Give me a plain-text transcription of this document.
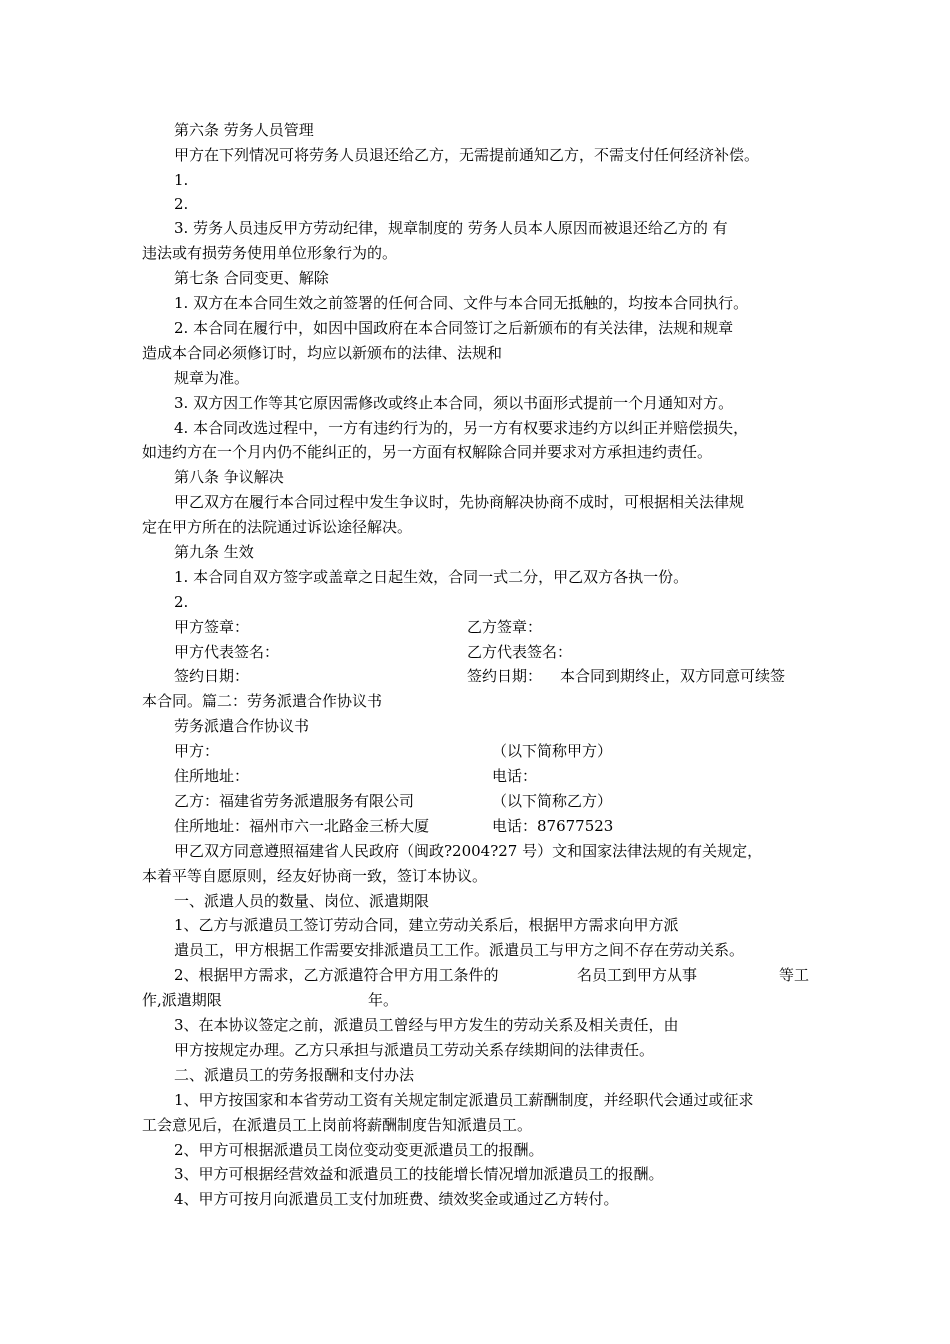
第六条 劳务人员管理
甲方在下列情况可将劳务人员退还给乙方，无需提前通知乙方，不需支付任何经济补偿。
1.
2.
3. 劳务人员违反甲方劳动纪律，规章制度的 劳务人员本人原因而被退还给乙方的 有
违法或有损劳务使用单位形象行为的。
第七条 合同变更、解除
1. 双方在本合同生效之前签署的任何合同、文件与本合同无抵触的，均按本合同执行。
2. 本合同在履行中，如因中国政府在本合同签订之后新颁布的有关法律，法规和规章
造成本合同必须修订时，均应以新颁布的法律、法规和
规章为准。
3. 双方因工作等其它原因需修改或终止本合同，须以书面形式提前一个月通知对方。
4. 本合同改选过程中，一方有违约行为的，另一方有权要求违约方以纠正并赔偿损失，
如违约方在一个月内仍不能纠正的，另一方面有权解除合同并要求对方承担违约责任。
第八条 争议解决
甲乙双方在履行本合同过程中发生争议时，先协商解决协商不成时，可根据相关法律规
定在甲方所在的法院通过诉讼途径解决。
第九条 生效
1. 本合同自双方签字或盖章之日起生效，合同一式二分，甲乙双方各执一份。
2.
甲方签章：	乙方签章：
甲方代表签名：	乙方代表签名：
签约日期：	签约日期： 本合同到期终止，双方同意可续签
本合同。篇二：劳务派遣合作协议书
劳务派遣合作协议书
甲方：	（以下简称甲方）
住所地址：	电话：
乙方：福建省劳务派遣服务有限公司	（以下简称乙方）
住所地址：福州市六一北路金三桥大厦	电话：87677523
甲乙双方同意遵照福建省人民政府（闽政?2004?27 号）文和国家法律法规的有关规定，
本着平等自愿原则，经友好协商一致，签订本协议。
一、派遣人员的数量、岗位、派遣期限
1、乙方与派遣员工签订劳动合同，建立劳动关系后，根据甲方需求向甲方派
遣员工，甲方根据工作需要安排派遣员工工作。派遣员工与甲方之间不存在劳动关系。
2、根据甲方需求，乙方派遣符合甲方用工条件的	名员工到甲方从事	等工
作,派遣期限	年。
3、在本协议签定之前，派遣员工曾经与甲方发生的劳动关系及相关责任，由
甲方按规定办理。乙方只承担与派遣员工劳动关系存续期间的法律责任。
二、派遣员工的劳务报酬和支付办法
1、甲方按国家和本省劳动工资有关规定制定派遣员工薪酬制度，并经职代会通过或征求
工会意见后，在派遣员工上岗前将薪酬制度告知派遣员工。
2、甲方可根据派遣员工岗位变动变更派遣员工的报酬。
3、甲方可根据经营效益和派遣员工的技能增长情况增加派遣员工的报酬。
4、甲方可按月向派遣员工支付加班费、绩效奖金或通过乙方转付。
